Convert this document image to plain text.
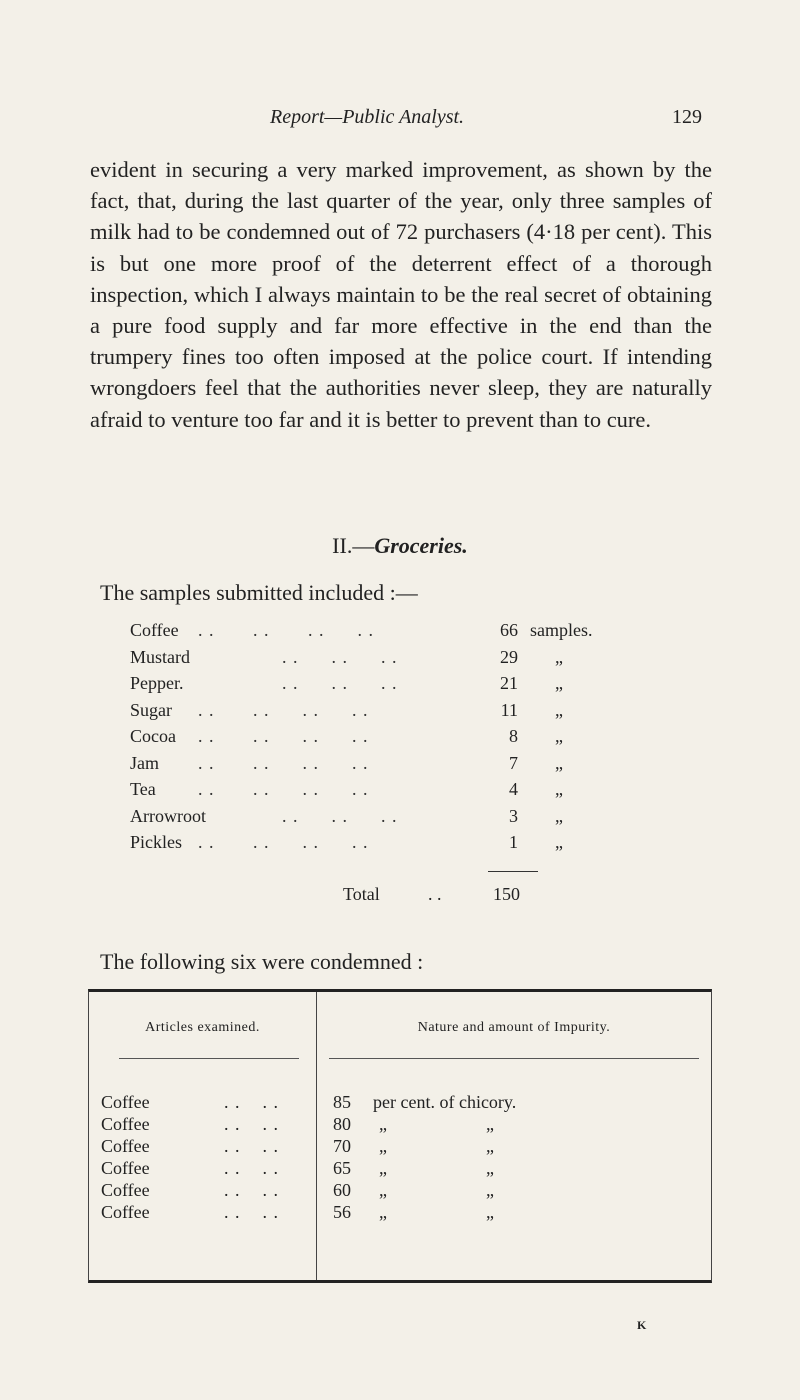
Report—Public Analyst.	129

evident in securing a very marked improvement, as shown by the fact, that, during the last quarter of the year, only three samples of milk had to be condemned out of 72 purchasers (4·18 per cent). This is but one more proof of the deterrent effect of a thorough inspection, which I always maintain to be the real secret of obtaining a pure food supply and far more effective in the end than the trumpery fines too often imposed at the police court. If intending wrongdoers feel that the authorities never sleep, they are naturally afraid to venture too far and it is better to prevent than to cure.

II.—Groceries.
The samples submitted included :—
Coffee . .       . .       . .      . .	66 samples.
Mustard	. .      . .      . .	29 „
Pepper.	. .      . .      . .	21 „
Sugar . .       . .      . .      . .	11 „
Cocoa . .       . .      . .      . .	8 „
Jam . .       . .      . .      . .	7 „
Tea . .       . .      . .      . .	4 „
Arrowroot	. .      . .      . .	3 „
Pickles . .       . .      . .      . .	1 „
Total	. .	150
The following six were condemned :
Articles examined.	Nature and amount of Impurity.
Coffee	. .    . .	85 per cent. of chicory.
Coffee	. .    . .	80 „	„
Coffee	. .    . .	70 „	„
Coffee	. .    . .	65 „	„
Coffee	. .    . .	60 „	„
Coffee	. .    . .	56 „	„
K
